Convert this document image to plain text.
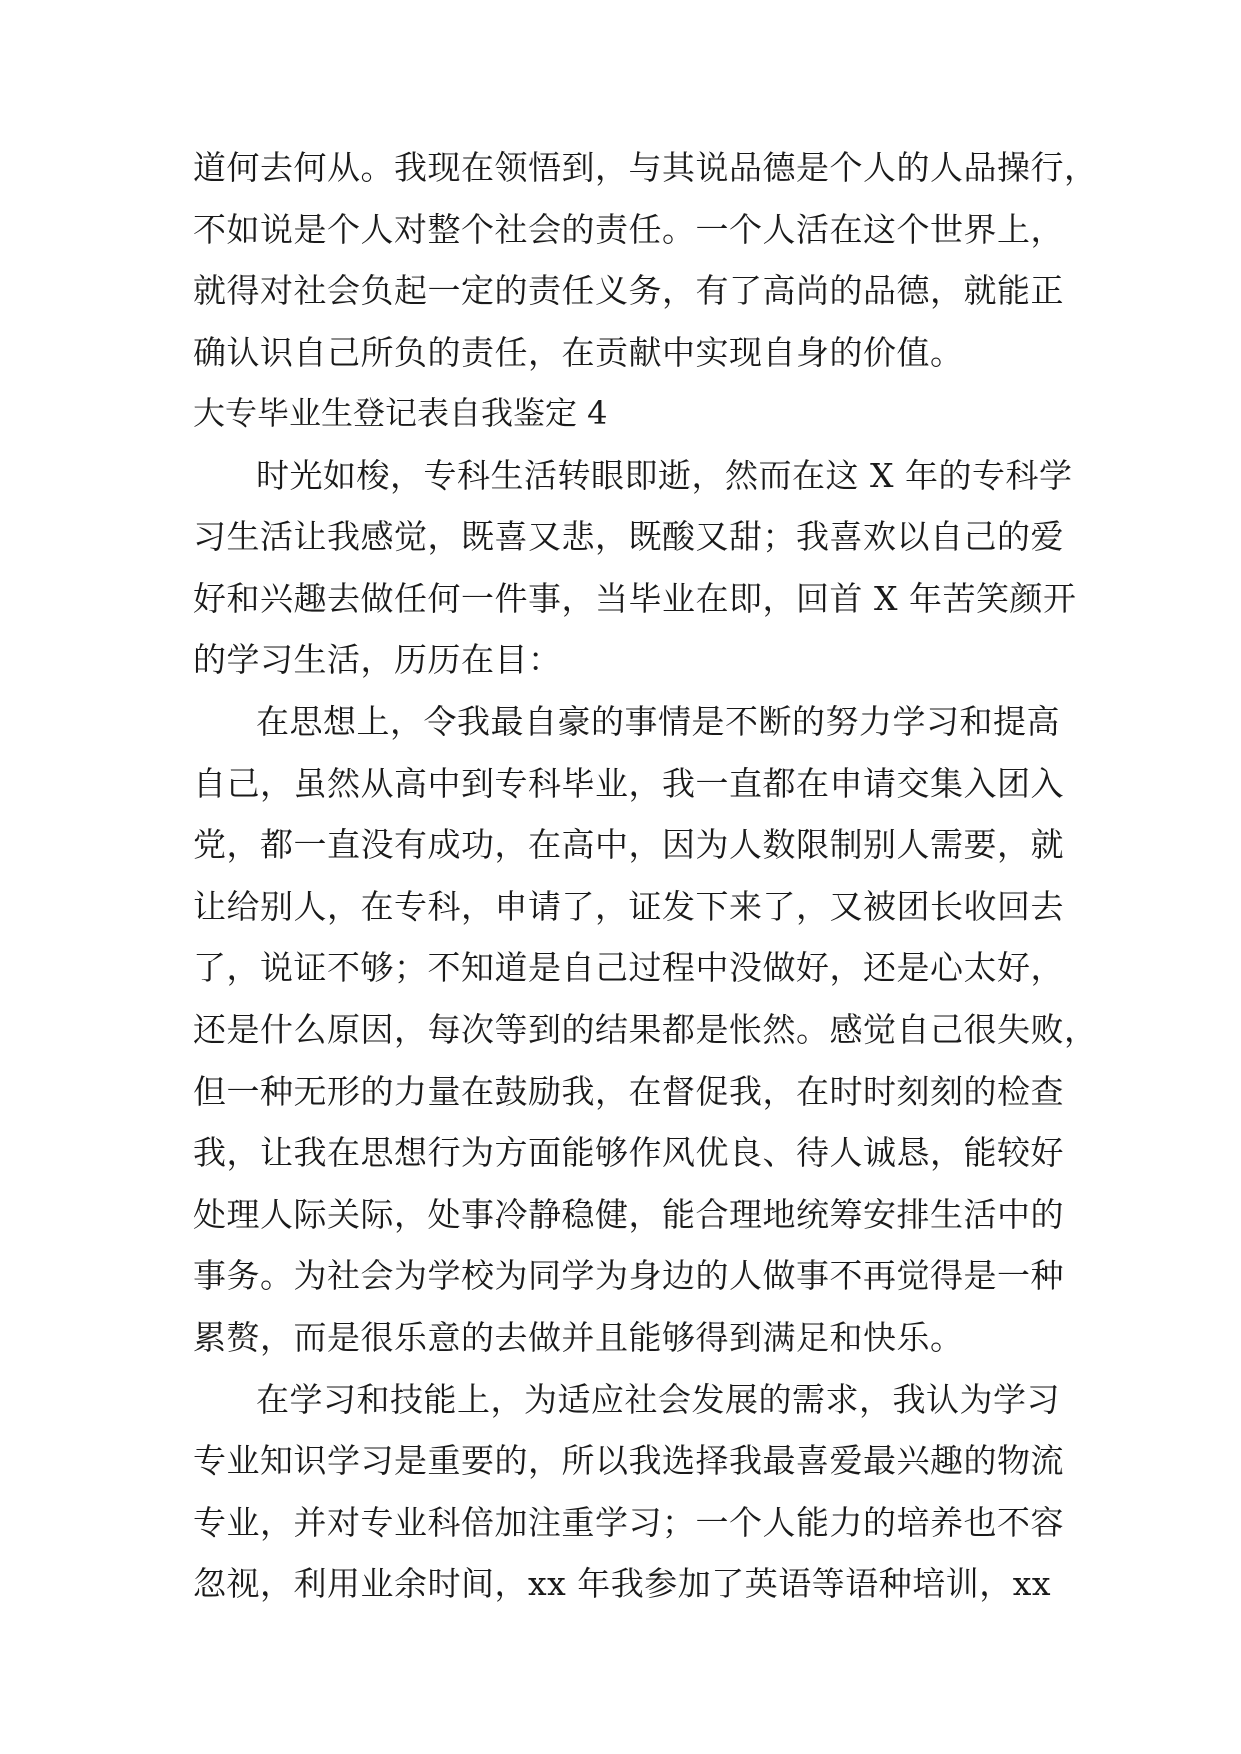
道何去何从。我现在领悟到，与其说品德是个人的人品操行，
不如说是个人对整个社会的责任。一个人活在这个世界上，
就得对社会负起一定的责任义务，有了高尚的品德，就能正
确认识自己所负的责任，在贡献中实现自身的价值。
大专毕业生登记表自我鉴定 4
时光如梭，专科生活转眼即逝，然而在这 X 年的专科学
习生活让我感觉，既喜又悲，既酸又甜；我喜欢以自己的爱
好和兴趣去做任何一件事，当毕业在即，回首 X 年苦笑颜开
的学习生活，历历在目：
在思想上，令我最自豪的事情是不断的努力学习和提高
自己，虽然从高中到专科毕业，我一直都在申请交集入团入
党，都一直没有成功，在高中，因为人数限制别人需要，就
让给别人，在专科，申请了，证发下来了，又被团长收回去
了，说证不够；不知道是自己过程中没做好，还是心太好，
还是什么原因，每次等到的结果都是怅然。感觉自己很失败，
但一种无形的力量在鼓励我，在督促我，在时时刻刻的检查
我，让我在思想行为方面能够作风优良、待人诚恳，能较好
处理人际关际，处事冷静稳健，能合理地统筹安排生活中的
事务。为社会为学校为同学为身边的人做事不再觉得是一种
累赘，而是很乐意的去做并且能够得到满足和快乐。
在学习和技能上，为适应社会发展的需求，我认为学习
专业知识学习是重要的，所以我选择我最喜爱最兴趣的物流
专业，并对专业科倍加注重学习；一个人能力的培养也不容
忽视，利用业余时间，xx 年我参加了英语等语种培训，xx
